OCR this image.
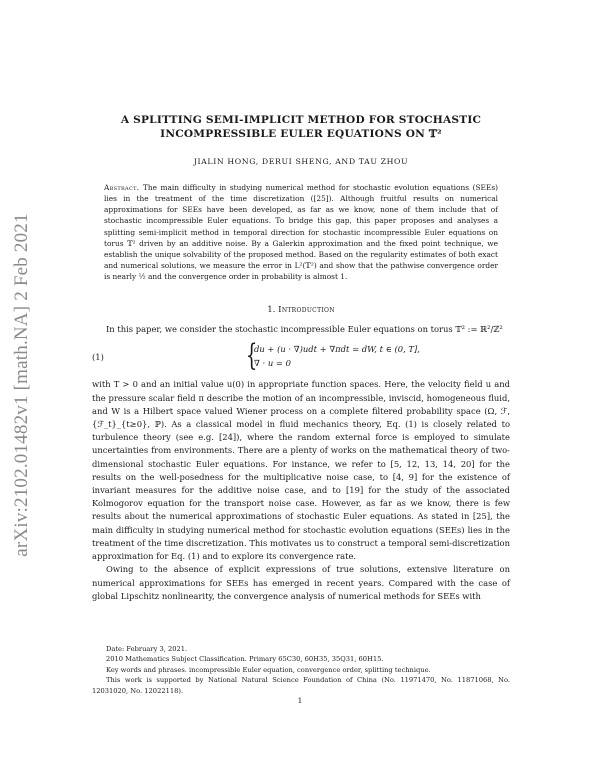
arXiv:2102.01482v1 [math.NA] 2 Feb 2021
A SPLITTING SEMI-IMPLICIT METHOD FOR STOCHASTIC
INCOMPRESSIBLE EULER EQUATIONS ON 𝕋²
JIALIN HONG, DERUI SHENG, AND TAU ZHOU
Abstract. The main difficulty in studying numerical method for stochastic evolution equations (SEEs) lies in the treatment of the time discretization ([25]). Although fruitful results on numerical approximations for SEEs have been developed, as far as we know, none of them include that of stochastic incompressible Euler equations. To bridge this gap, this paper proposes and analyses a splitting semi-implicit method in temporal direction for stochastic incompressible Euler equations on torus 𝕋² driven by an additive noise. By a Galerkin approximation and the fixed point technique, we establish the unique solvability of the proposed method. Based on the regularity estimates of both exact and numerical solutions, we measure the error in L²(𝕋²) and show that the pathwise convergence order is nearly ½ and the convergence order in probability is almost 1.
1. Introduction

In this paper, we consider the stochastic incompressible Euler equations on torus 𝕋² := ℝ²/ℤ²

(1)	{
du + (u · ∇)udt + ∇πdt = dW, t ∈ (0, T],
∇ · u = 0

with T > 0 and an initial value u(0) in appropriate function spaces. Here, the velocity field u and the pressure scalar field π describe the motion of an incompressible, inviscid, homogeneous fluid, and W is a Hilbert space valued Wiener process on a complete filtered probability space (Ω, ℱ, {ℱ_t}_{t≥0}, ℙ). As a classical model in fluid mechanics theory, Eq. (1) is closely related to turbulence theory (see e.g. [24]), where the random external force is employed to simulate uncertainties from environments. There are a plenty of works on the mathematical theory of two-dimensional stochastic Euler equations. For instance, we refer to [5, 12, 13, 14, 20] for the results on the well-posedness for the multiplicative noise case, to [4, 9] for the existence of invariant measures for the additive noise case, and to [19] for the study of the associated Kolmogorov equation for the transport noise case. However, as far as we know, there is few results about the numerical approximations of stochastic Euler equations. As stated in [25], the main difficulty in studying numerical method for stochastic evolution equations (SEEs) lies in the treatment of the time discretization. This motivates us to construct a temporal semi-discretization approximation for Eq. (1) and to explore its convergence rate.

Owing to the absence of explicit expressions of true solutions, extensive literature on numerical approximations for SEEs has emerged in recent years. Compared with the case of global Lipschitz nonlinearity, the convergence analysis of numerical methods for SEEs with

Date: February 3, 2021.

2010 Mathematics Subject Classification. Primary 65C30, 60H35, 35Q31, 60H15.

Key words and phrases. incompressible Euler equation, convergence order, splitting technique.

This work is supported by National Natural Science Foundation of China (No. 11971470, No. 11871068, No. 12031020, No. 12022118).

1
